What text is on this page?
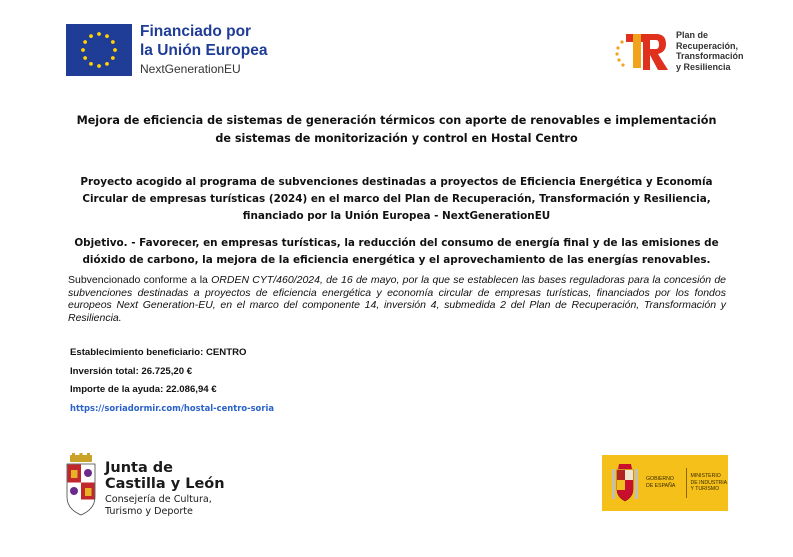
Financiado por
la Unión Europea
NextGenerationEU
Plan de
Recuperación,
Transformación
y Resiliencia
Mejora de eficiencia de sistemas de generación térmicos con aporte de renovables e implementación de sistemas de monitorización y control en Hostal Centro
Proyecto acogido al programa de subvenciones destinadas a proyectos de Eficiencia Energética y Economía Circular de empresas turísticas (2024) en el marco del Plan de Recuperación, Transformación y Resiliencia, financiado por la Unión Europea - NextGenerationEU
Objetivo. - Favorecer, en empresas turísticas, la reducción del consumo de energía final y de las emisiones de dióxido de carbono, la mejora de la eficiencia energética y el aprovechamiento de las energías renovables.
Subvencionado conforme a la ORDEN CYT/460/2024, de 16 de mayo, por la que se establecen las bases reguladoras para la concesión de subvenciones destinadas a proyectos de eficiencia energética y economía circular de empresas turísticas, financiados por los fondos europeos Next Generation-EU, en el marco del componente 14, inversión 4, submedida 2 del Plan de Recuperación, Transformación y Resiliencia.
Establecimiento beneficiario: CENTRO
Inversión total: 26.725,20 €
Importe de la ayuda: 22.086,94 €
https://soriadormir.com/hostal-centro-soria
Junta de
Castilla y León
Consejería de Cultura,
Turismo y Deporte
GOBIERNO DE ESPAÑA
MINISTERIO DE INDUSTRIA Y TURISMO
